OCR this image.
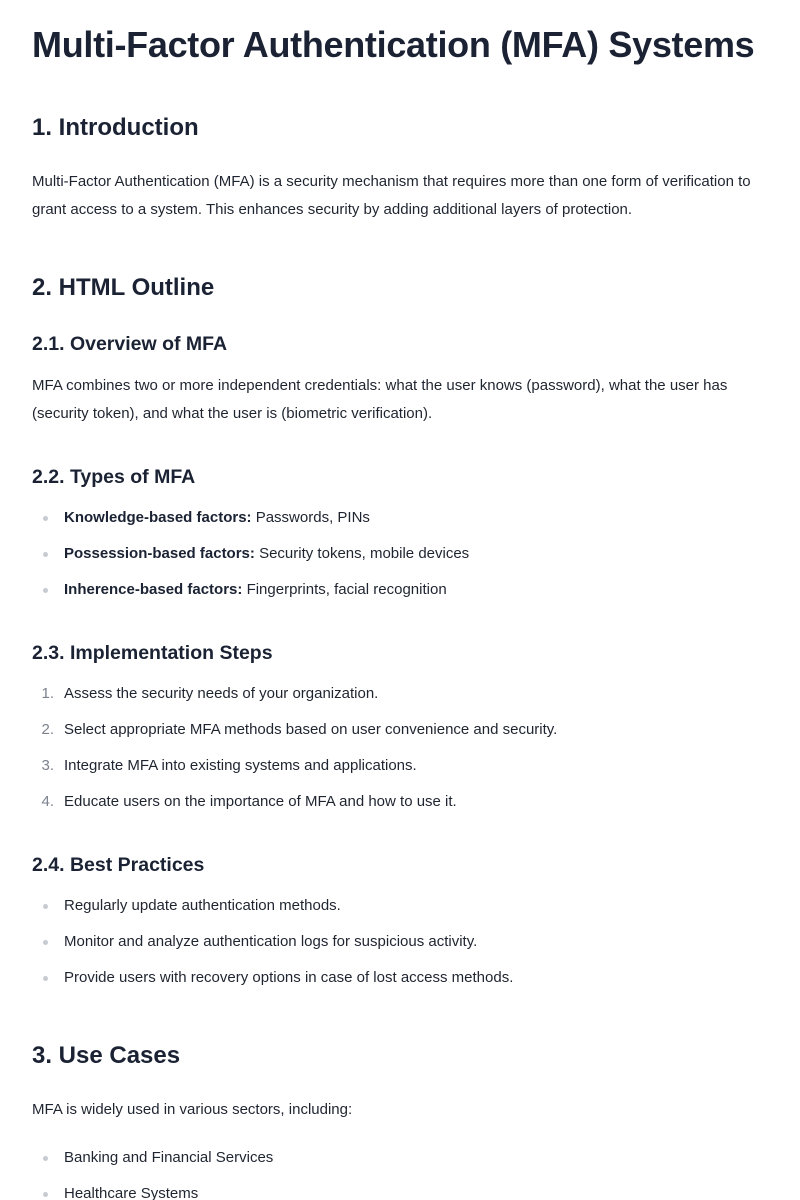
Multi-Factor Authentication (MFA) Systems
1. Introduction

Multi-Factor Authentication (MFA) is a security mechanism that requires more than one form of verification to grant access to a system. This enhances security by adding additional layers of protection.

2. HTML Outline
2.1. Overview of MFA

MFA combines two or more independent credentials: what the user knows (password), what the user has (security token), and what the user is (biometric verification).

2.2. Types of MFA
Knowledge-based factors: Passwords, PINs
Possession-based factors: Security tokens, mobile devices
Inherence-based factors: Fingerprints, facial recognition
2.3. Implementation Steps
1. Assess the security needs of your organization.
2. Select appropriate MFA methods based on user convenience and security.
3. Integrate MFA into existing systems and applications.
4. Educate users on the importance of MFA and how to use it.
2.4. Best Practices
Regularly update authentication methods.
Monitor and analyze authentication logs for suspicious activity.
Provide users with recovery options in case of lost access methods.
3. Use Cases

MFA is widely used in various sectors, including:

Banking and Financial Services
Healthcare Systems
